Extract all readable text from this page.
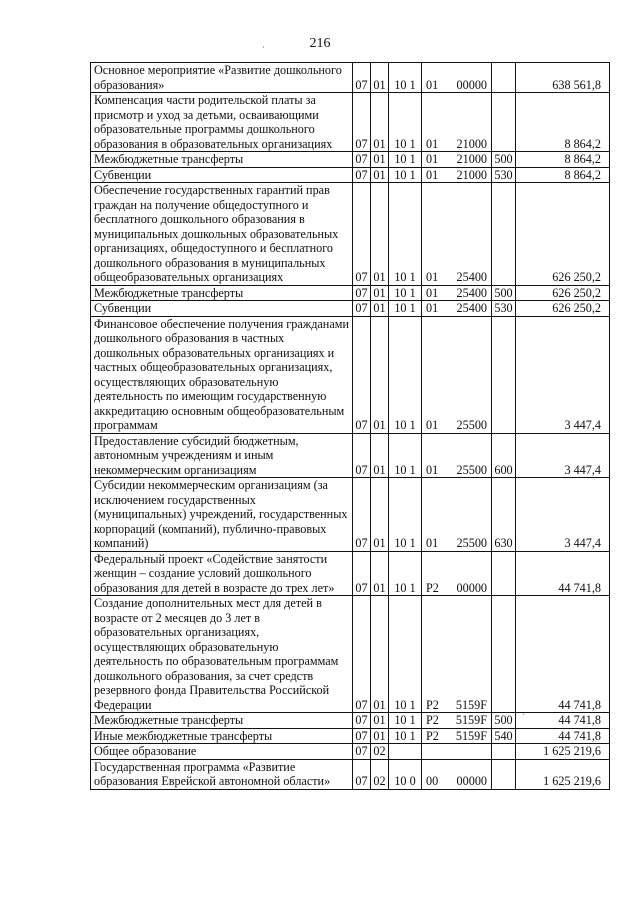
216
·
ˋ
Основное мероприятие «Развитие дошкольного образования»	07	01	10 1	01 00000		638 561,8
Компенсация части родительской платы за присмотр и уход за детьми, осваивающими образовательные программы дошкольного образования в образовательных организациях	07	01	10 1	01 21000		8 864,2
Межбюджетные трансферты	07	01	10 1	01 21000	500	8 864,2
Субвенции	07	01	10 1	01 21000	530	8 864,2
Обеспечение государственных гарантий прав граждан на получение общедоступного и бесплатного дошкольного образования в муниципальных дошкольных образовательных организациях, общедоступного и бесплатного дошкольного образования в муниципальных общеобразовательных организациях	07	01	10 1	01 25400		626 250,2
Межбюджетные трансферты	07	01	10 1	01 25400	500	626 250,2
Субвенции	07	01	10 1	01 25400	530	626 250,2
Финансовое обеспечение получения гражданами дошкольного образования в частных дошкольных образовательных организациях и частных общеобразовательных организациях, осуществляющих образовательную деятельность по имеющим государственную аккредитацию основным общеобразовательным программам	07	01	10 1	01 25500		3 447,4
Предоставление субсидий бюджетным, автономным учреждениям и иным некоммерческим организациям	07	01	10 1	01 25500	600	3 447,4
Субсидии некоммерческим организациям (за исключением государственных (муниципальных) учреждений, государственных корпораций (компаний), публично-правовых компаний)	07	01	10 1	01 25500	630	3 447,4
Федеральный проект «Содействие занятости женщин – создание условий дошкольного образования для детей в возрасте до трех лет»	07	01	10 1	P2 00000		44 741,8
Создание дополнительных мест для детей в возрасте от 2 месяцев до 3 лет в образовательных организациях, осуществляющих образовательную деятельность по образовательным программам дошкольного образования, за счет средств резервного фонда Правительства Российской Федерации	07	01	10 1	P2 5159F		44 741,8
Межбюджетные трансферты	07	01	10 1	P2 5159F	500	44 741,8
Иные межбюджетные трансферты	07	01	10 1	P2 5159F	540	44 741,8
Общее образование	07	02				1 625 219,6
Государственная программа «Развитие образования Еврейской автономной области»	07	02	10 0	00 00000		1 625 219,6
